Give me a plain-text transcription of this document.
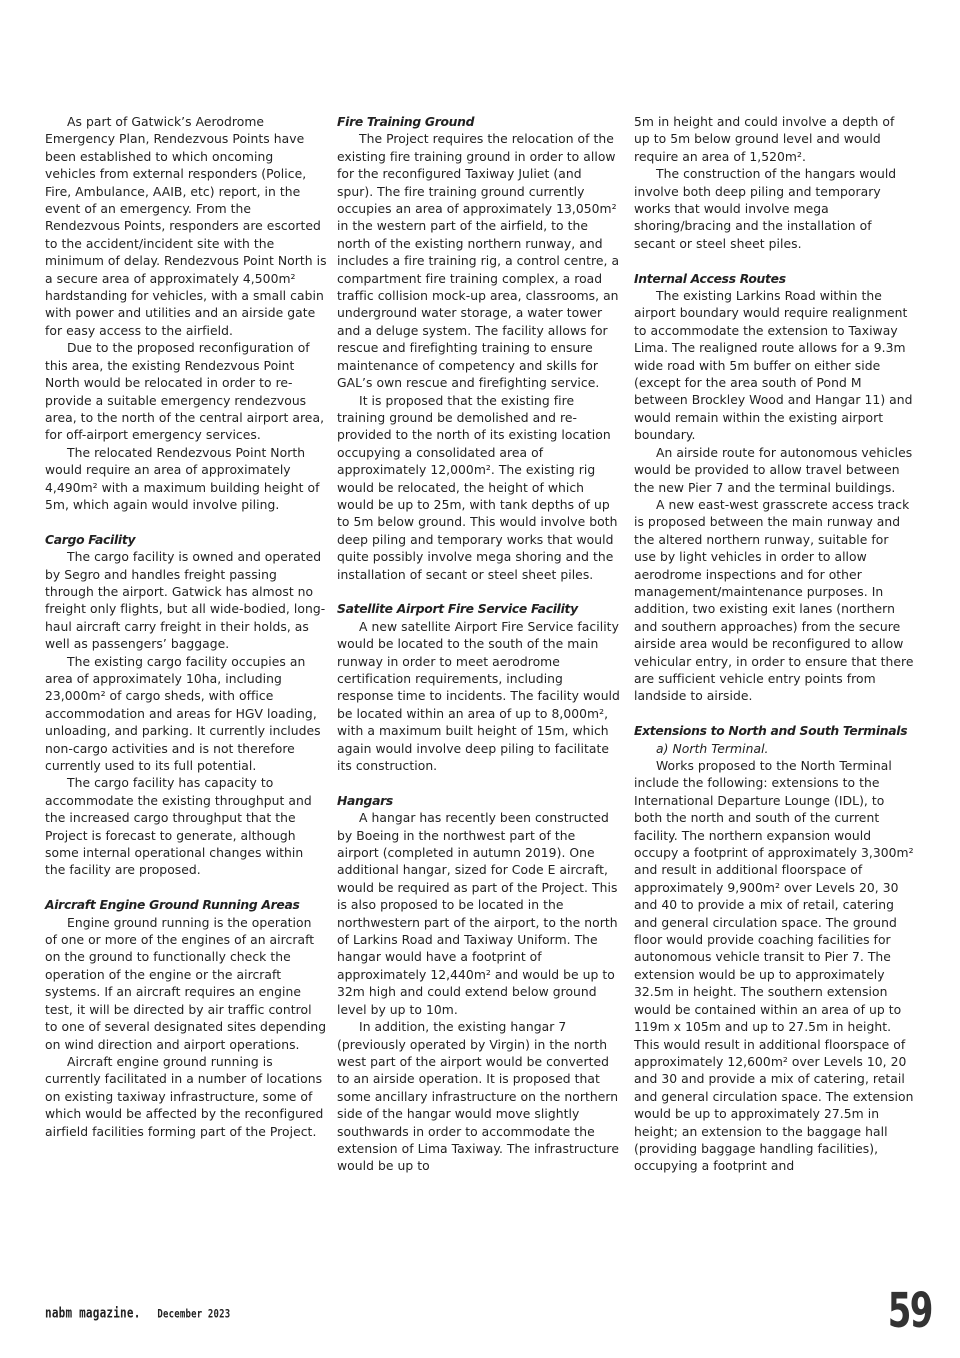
As part of Gatwick’s Aerodrome Emergency Plan, Rendezvous Points have been established to which oncoming vehicles from external responders (Police, Fire, Ambulance, AAIB, etc) report, in the event of an emergency. From the Rendezvous Points, responders are escorted to the accident/incident site with the minimum of delay. Rendezvous Point North is a secure area of approximately 4,500m² hardstanding for vehicles, with a small cabin with power and utilities and an airside gate for easy access to the airfield.

Due to the proposed reconfiguration of this area, the existing Rendezvous Point North would be relocated in order to re-provide a suitable emergency rendezvous area, to the north of the central airport area, for off-airport emergency services.

The relocated Rendezvous Point North would require an area of approximately 4,490m² with a maximum building height of 5m, which again would involve piling.

Cargo Facility

The cargo facility is owned and operated by Segro and handles freight passing through the airport. Gatwick has almost no freight only flights, but all wide-bodied, long-haul aircraft carry freight in their holds, as well as passengers’ baggage.

The existing cargo facility occupies an area of approximately 10ha, including 23,000m² of cargo sheds, with office accommodation and areas for HGV loading, unloading, and parking. It currently includes non-cargo activities and is not therefore currently used to its full potential.

The cargo facility has capacity to accommodate the existing throughput and the increased cargo throughput that the Project is forecast to generate, although some internal operational changes within the facility are proposed.

Aircraft Engine Ground Running Areas

Engine ground running is the operation of one or more of the engines of an aircraft on the ground to functionally check the operation of the engine or the aircraft systems. If an aircraft requires an engine test, it will be directed by air traffic control to one of several designated sites depending on wind direction and airport operations.

Aircraft engine ground running is currently facilitated in a number of locations on existing taxiway infrastructure, some of which would be affected by the reconfigured airfield facilities forming part of the Project.

Fire Training Ground

The Project requires the relocation of the existing fire training ground in order to allow for the reconfigured Taxiway Juliet (and spur). The fire training ground currently occupies an area of approximately 13,050m² in the western part of the airfield, to the north of the existing northern runway, and includes a fire training rig, a control centre, a compartment fire training complex, a road traffic collision mock-up area, classrooms, an underground water storage, a water tower and a deluge system. The facility allows for rescue and firefighting training to ensure maintenance of competency and skills for GAL’s own rescue and firefighting service.

It is proposed that the existing fire training ground be demolished and re-provided to the north of its existing location occupying a consolidated area of approximately 12,000m². The existing rig would be relocated, the height of which would be up to 25m, with tank depths of up to 5m below ground. This would involve both deep piling and temporary works that would quite possibly involve mega shoring and the installation of secant or steel sheet piles.

Satellite Airport Fire Service Facility

A new satellite Airport Fire Service facility would be located to the south of the main runway in order to meet aerodrome certification requirements, including response time to incidents. The facility would be located within an area of up to 8,000m², with a maximum built height of 15m, which again would involve deep piling to facilitate its construction.

Hangars

A hangar has recently been constructed by Boeing in the northwest part of the airport (completed in autumn 2019). One additional hangar, sized for Code E aircraft, would be required as part of the Project. This is also proposed to be located in the northwestern part of the airport, to the north of Larkins Road and Taxiway Uniform. The hangar would have a footprint of approximately 12,440m² and would be up to 32m high and could extend below ground level by up to 10m.

In addition, the existing hangar 7 (previously operated by Virgin) in the north west part of the airport would be converted to an airside operation. It is proposed that some ancillary infrastructure on the northern side of the hangar would move slightly southwards in order to accommodate the extension of Lima Taxiway. The infrastructure would be up to

5m in height and could involve a depth of up to 5m below ground level and would require an area of 1,520m².

The construction of the hangars would involve both deep piling and temporary works that would involve mega shoring/bracing and the installation of secant or steel sheet piles.

Internal Access Routes

The existing Larkins Road within the airport boundary would require realignment to accommodate the extension to Taxiway Lima. The realigned route allows for a 9.3m wide road with 5m buffer on either side (except for the area south of Pond M between Brockley Wood and Hangar 11) and would remain within the existing airport boundary.

An airside route for autonomous vehicles would be provided to allow travel between the new Pier 7 and the terminal buildings.

A new east-west grasscrete access track is proposed between the main runway and the altered northern runway, suitable for use by light vehicles in order to allow aerodrome inspections and for other management/maintenance purposes. In addition, two existing exit lanes (northern and southern approaches) from the secure airside area would be reconfigured to allow vehicular entry, in order to ensure that there are sufficient vehicle entry points from landside to airside.

Extensions to North and South Terminals

a) North Terminal.

Works proposed to the North Terminal include the following: extensions to the International Departure Lounge (IDL), to both the north and south of the current facility. The northern expansion would occupy a footprint of approximately 3,300m² and result in additional floorspace of approximately 9,900m² over Levels 20, 30 and 40 to provide a mix of retail, catering and general circulation space. The ground floor would provide coaching facilities for autonomous vehicle transit to Pier 7. The extension would be up to approximately 32.5m in height. The southern extension would be contained within an area of up to 119m x 105m and up to 27.5m in height. This would result in additional floorspace of approximately 12,600m² over Levels 10, 20 and 30 and provide a mix of catering, retail and general circulation space. The extension would be up to approximately 27.5m in height; an extension to the baggage hall (providing baggage handling facilities), occupying a footprint and

nabm magazine. December 2023	59
